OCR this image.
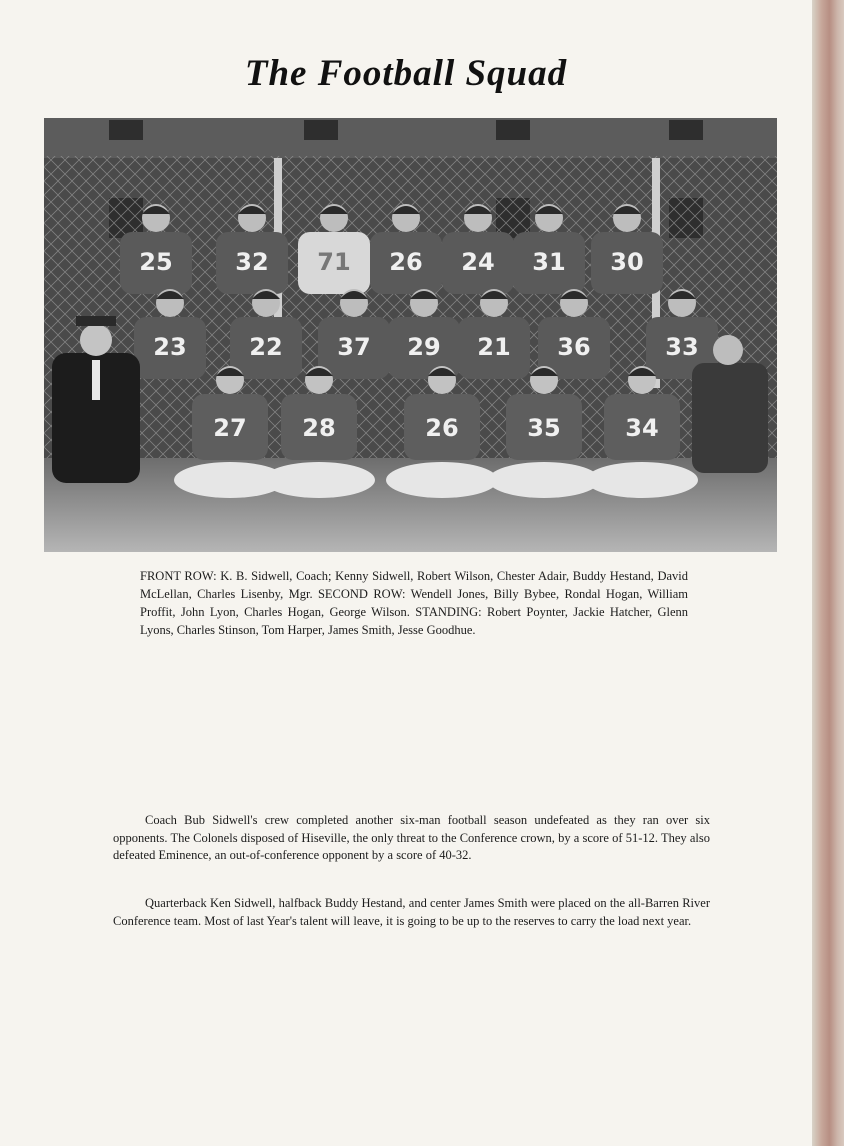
The Football Squad
25	32 71 26 24 31 30
23	22 37 29 21 36	33
27 28	26	35	34
FRONT ROW: K. B. Sidwell, Coach; Kenny Sidwell, Robert Wilson, Chester Adair, Buddy Hestand, David McLellan, Charles Lisenby, Mgr. SECOND ROW: Wendell Jones, Billy Bybee, Rondal Hogan, William Proffit, John Lyon, Charles Hogan, George Wilson. STANDING: Robert Poynter, Jackie Hatcher, Glenn Lyons, Charles Stinson, Tom Harper, James Smith, Jesse Goodhue.
Coach Bub Sidwell's crew completed another six-man football season undefeated as they ran over six opponents. The Colonels disposed of Hiseville, the only threat to the Conference crown, by a score of 51-12. They also defeated Eminence, an out-of-conference opponent by a score of 40-32.
Quarterback Ken Sidwell, halfback Buddy Hestand, and center James Smith were placed on the all-Barren River Conference team. Most of last Year's talent will leave, it is going to be up to the reserves to carry the load next year.
